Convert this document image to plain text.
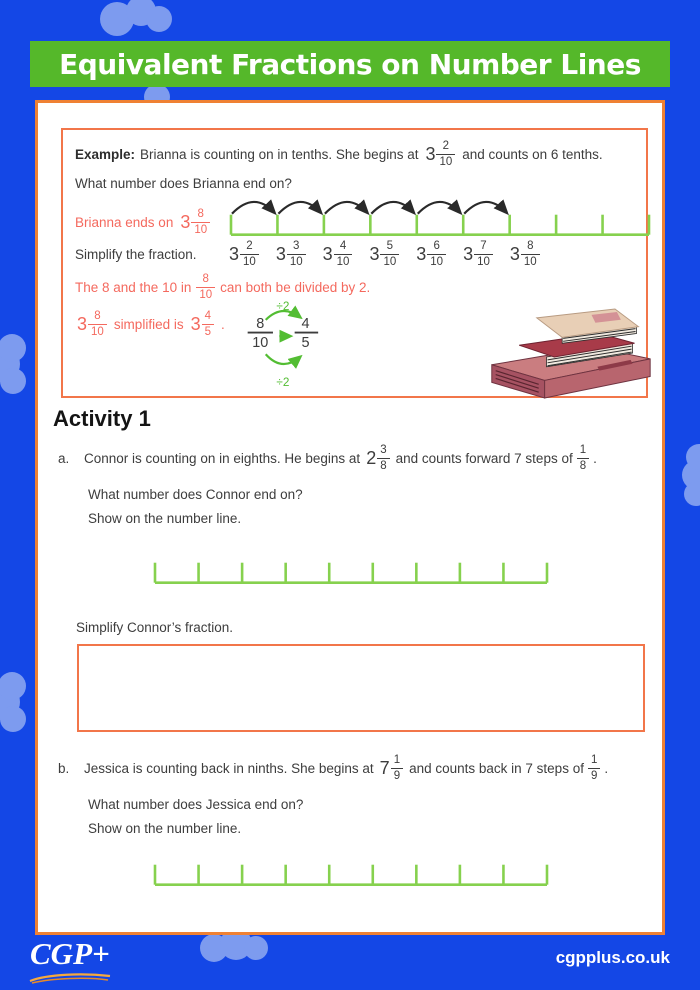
Equivalent Fractions on Number Lines
Example: Brianna is counting on in tenths. She begins at $3 \frac{2}{10}$ and counts on 6 tenths.
What number does Brianna end on?
Brianna ends on $3 \frac{8}{10}$
Simplify the fraction. $3 \frac{2}{10} 3 \frac{3}{10} 3 \frac{4}{10} 3 \frac{5}{10} 3 \frac{6}{10} 3 \frac{7}{10} 3 \frac{8}{10}$
The 8 and the 10 in $\frac{8}{10}$ can both be divided by 2.
$3 \frac{8}{10}$ simplified is $3 \frac{4}{5}$ . 8
10
4
5
÷2
÷2
Activity 1
a.	Connor is counting on in eighths. He begins at $2 \frac{3}{8}$ and counts forward 7 steps of $\frac{1}{8}$ .
What number does Connor end on?
Show on the number line.
Simplify Connor’s fraction.
b.	Jessica is counting back in ninths. She begins at $7 \frac{1}{9}$ and counts back in 7 steps of $\frac{1}{9}$ .
What number does Jessica end on?
Show on the number line.
CGP+	cgpplus.co.uk
